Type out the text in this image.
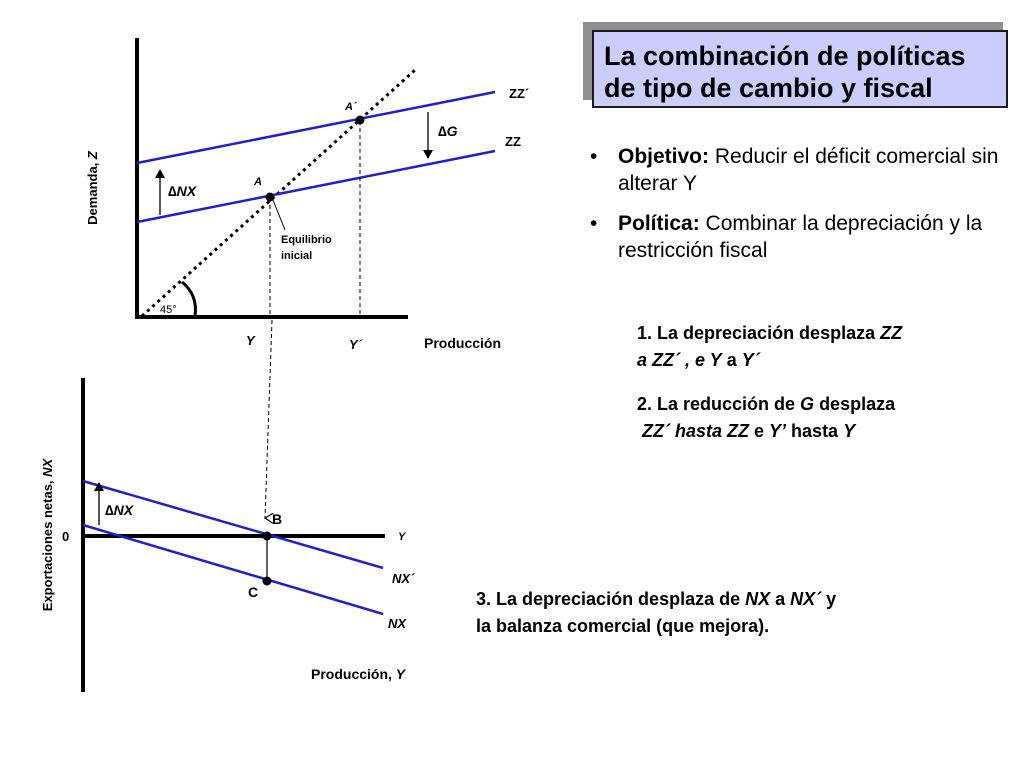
Demanda, Z
Producción
ZZ´
ZZ
∆G
∆NX
A´
A
Equilibrio
inicial
45°
Y	Y´
Exportaciones netas, NX
Producción, Y
0	Y
∆NX
B
C
NX´
NX
La combinación de políticas
de tipo de cambio y fiscal
• Objetivo: Reducir el déficit comercial sin alterar Y
• Política: Combinar la depreciación y la restricción fiscal
1. La depreciación desplaza ZZ
a ZZ´ , e Y a Y´
2. La reducción de G desplaza
ZZ´ hasta ZZ e Y’ hasta Y
3. La depreciación desplaza de NX a NX´ y
la balanza comercial (que mejora).
